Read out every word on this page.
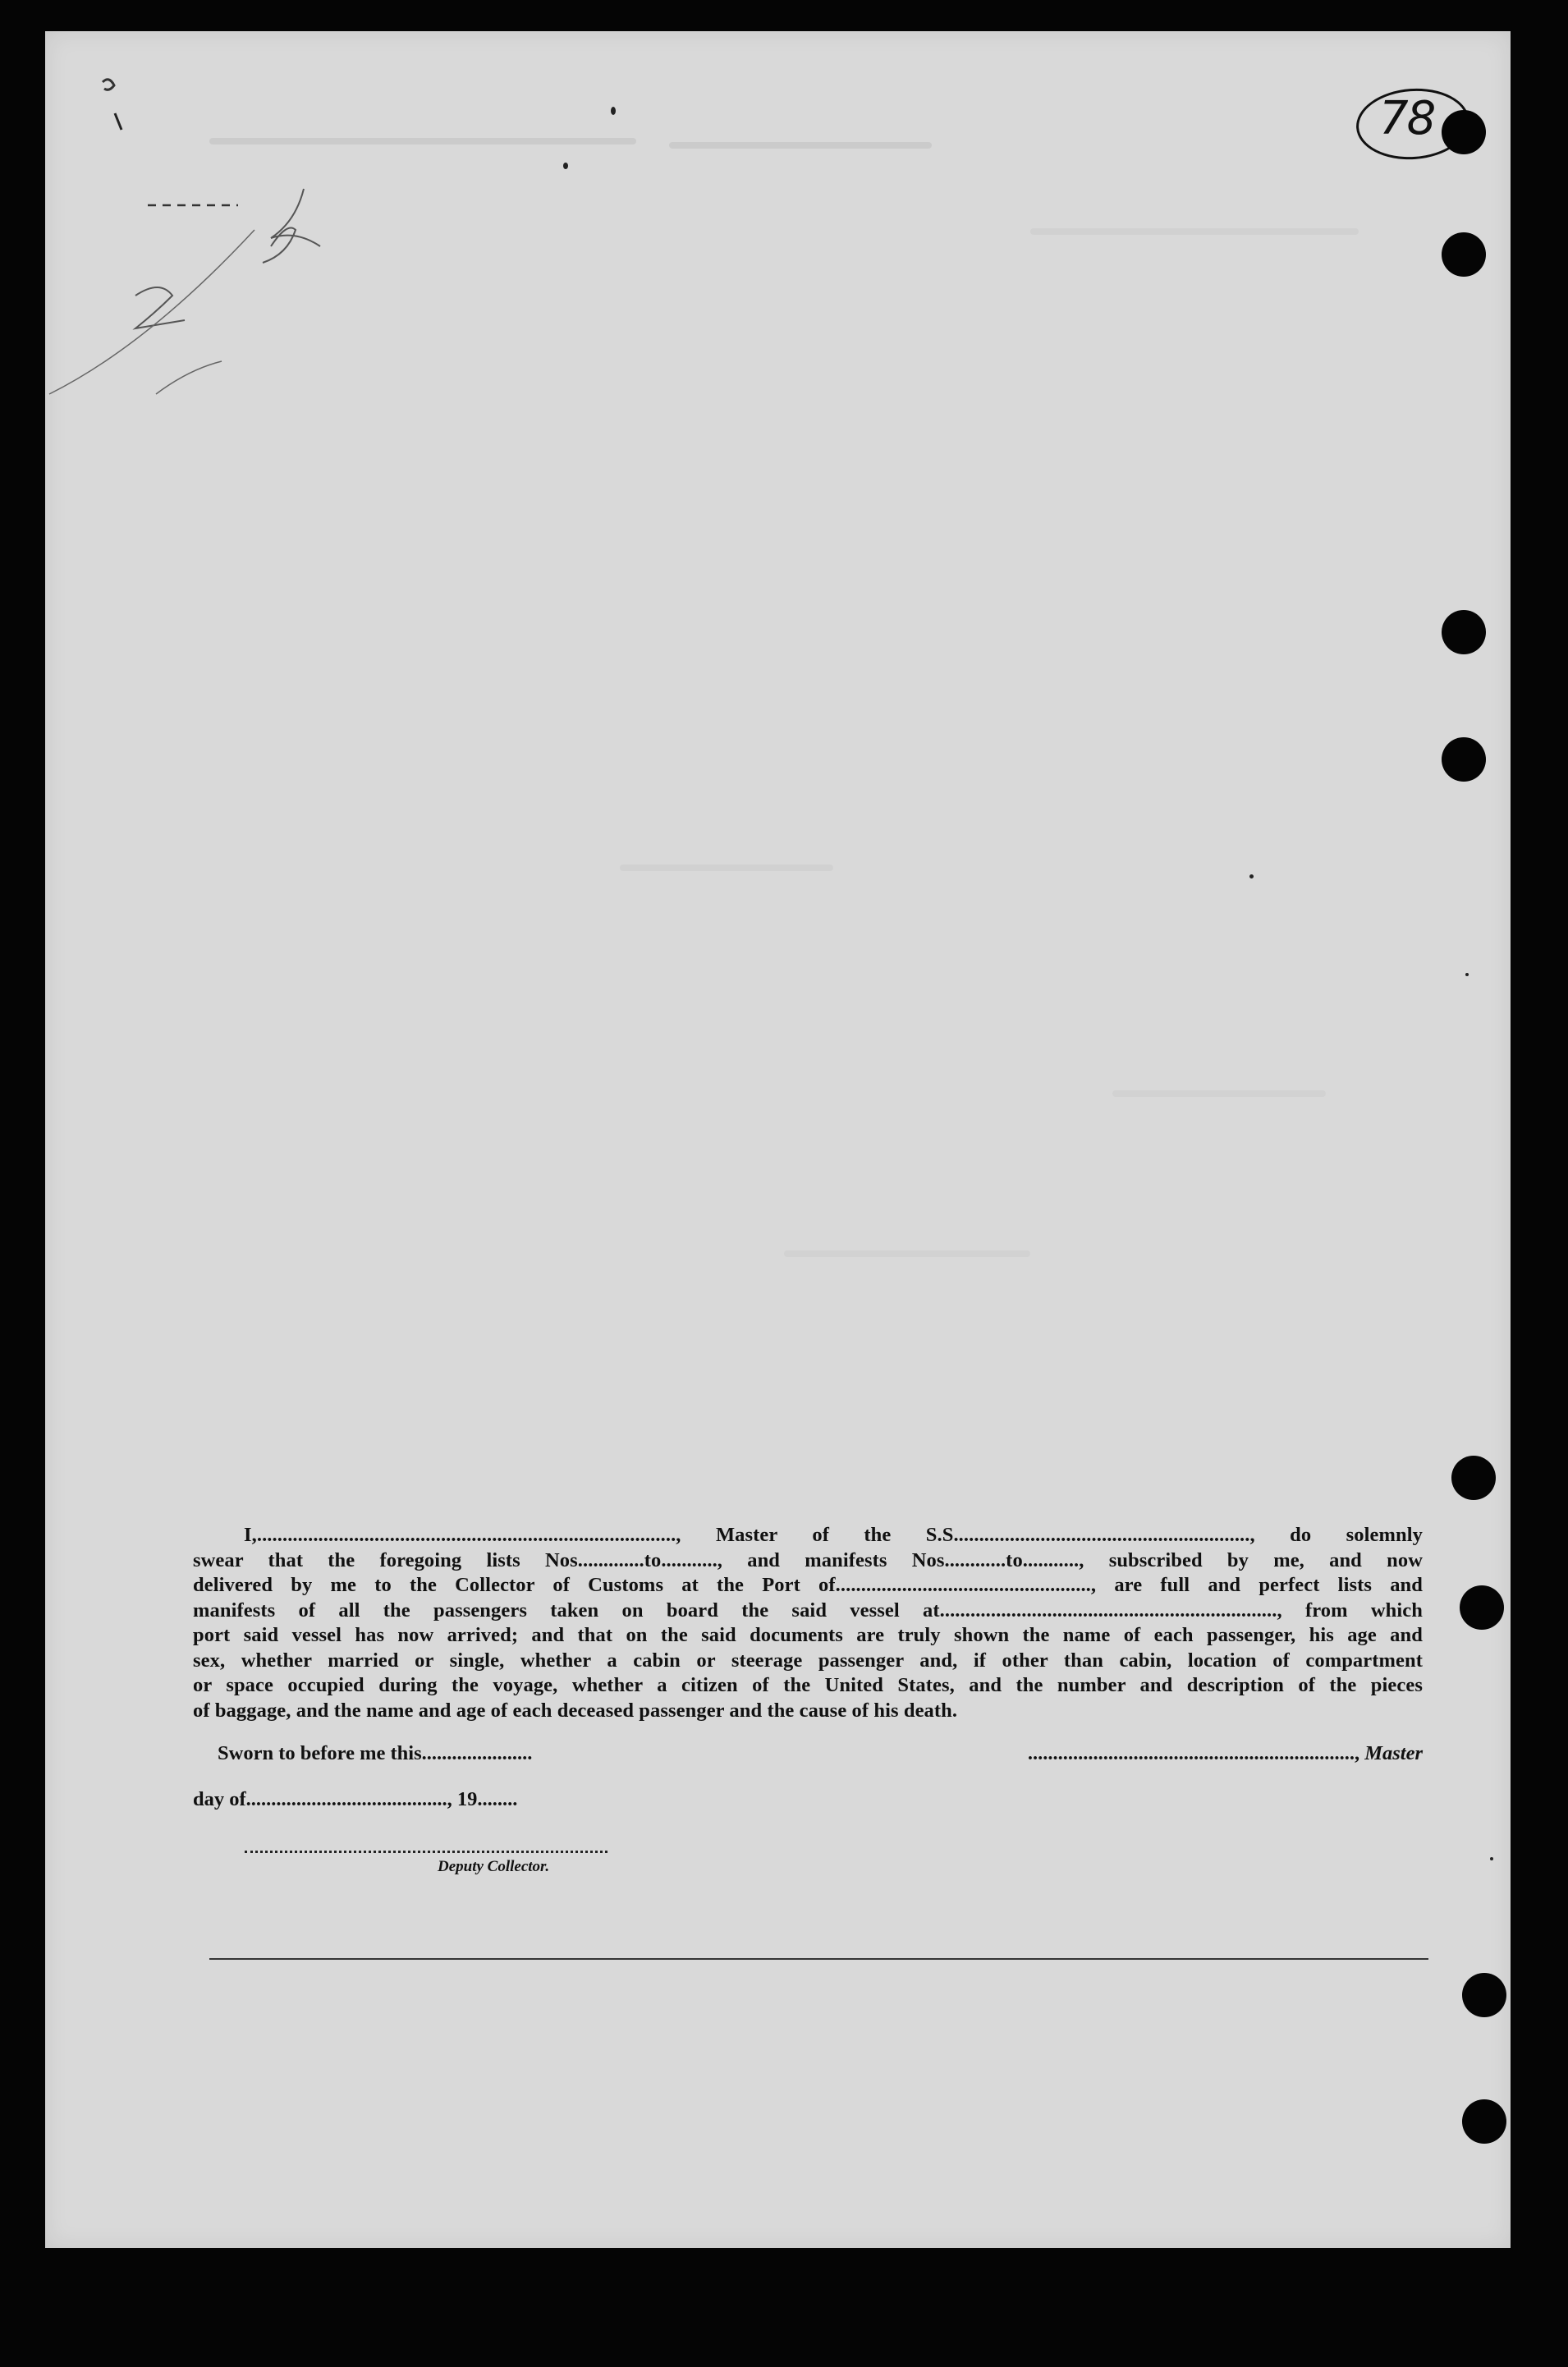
78
I,.................................................................................., Master of the S.S.........................................................., do solemnly
swear that the foregoing lists Nos.............to..........., and manifests Nos............to..........., subscribed by me, and now
delivered by me to the Collector of Customs at the Port of.................................................., are full and perfect lists and
manifests of all the passengers taken on board the said vessel at.................................................................., from which
port said vessel has now arrived; and that on the said documents are truly shown the name of each passenger, his age and
sex, whether married or single, whether a cabin or steerage passenger and, if other than cabin, location of compartment
or space occupied during the voyage, whether a citizen of the United States, and the number and description of the pieces
of baggage, and the name and age of each deceased passenger and the cause of his death.
Sworn to before me this......................	................................................................., Master
day of........................................, 19........
Deputy Collector.
